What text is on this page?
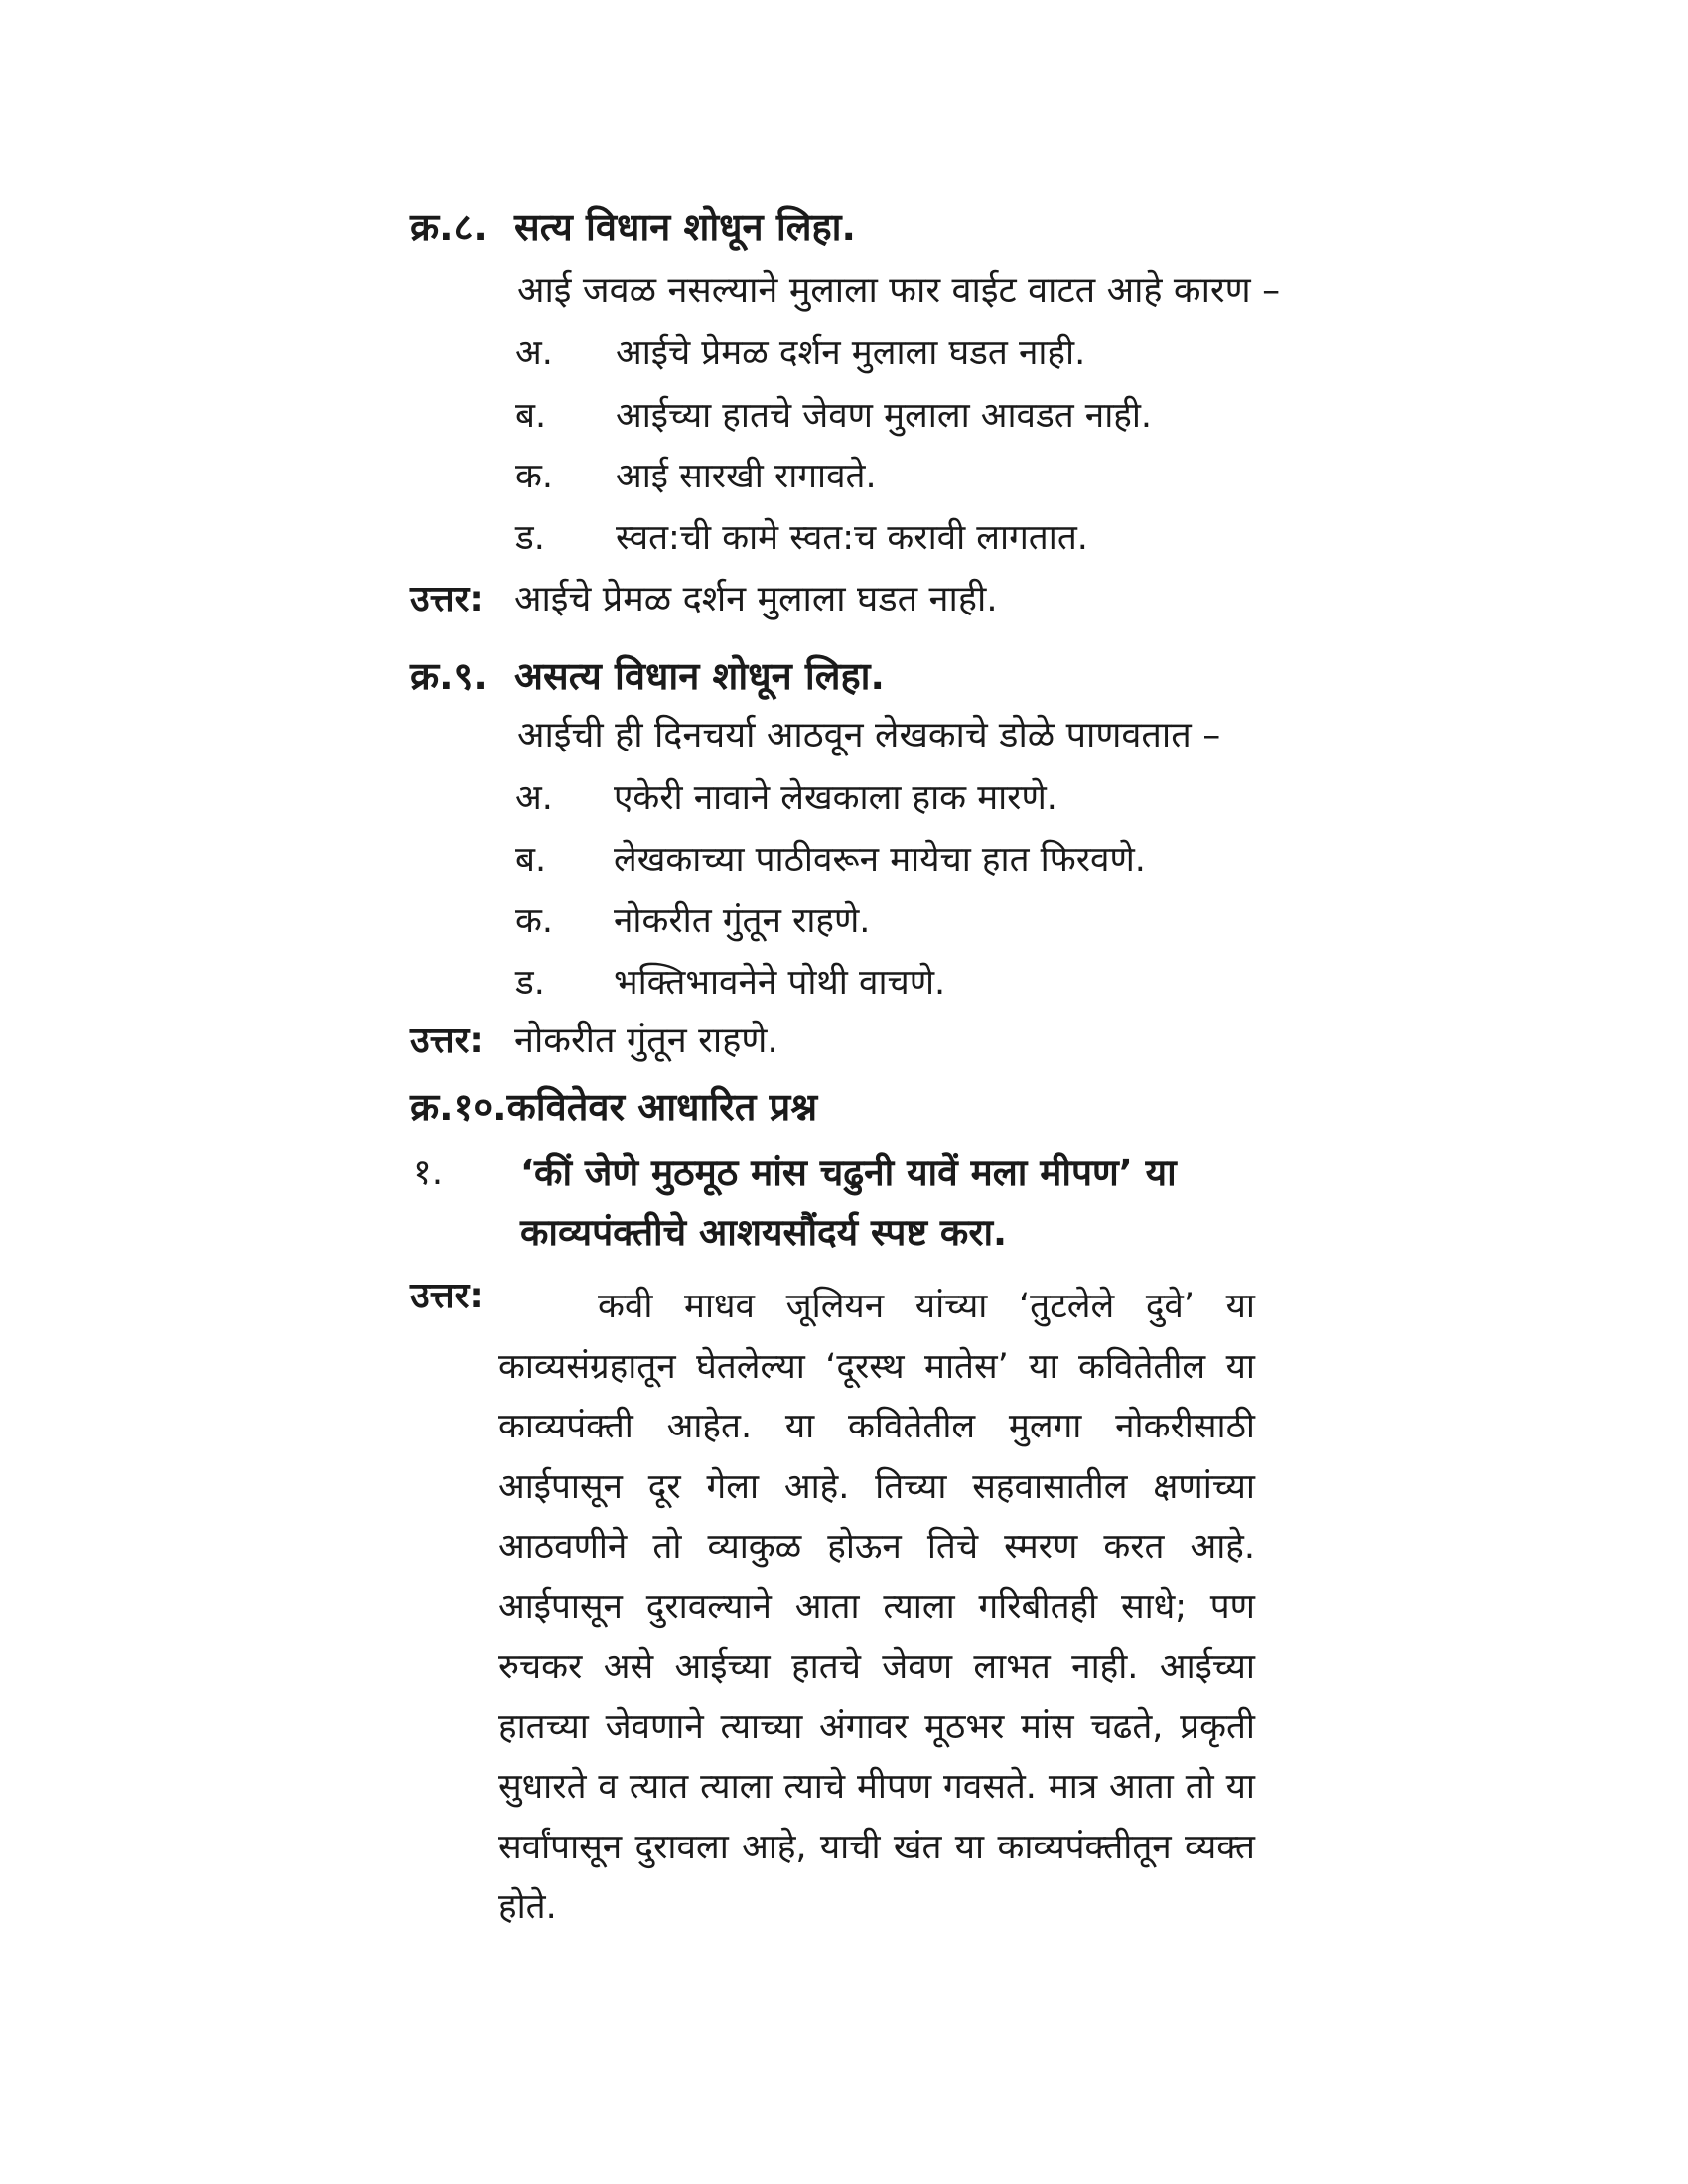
क्र.८. सत्य विधान शोधून लिहा.
आई जवळ नसल्याने मुलाला फार वाईट वाटत आहे कारण –
अ. आईचे प्रेमळ दर्शन मुलाला घडत नाही.
ब. आईच्या हातचे जेवण मुलाला आवडत नाही.
क. आई सारखी रागावते.
ड. स्वत:ची कामे स्वत:च करावी लागतात.
उत्तर: आईचे प्रेमळ दर्शन मुलाला घडत नाही.
क्र.९. असत्य विधान शोधून लिहा.
आईची ही दिनचर्या आठवून लेखकाचे डोळे पाणवतात –
अ. एकेरी नावाने लेखकाला हाक मारणे.
ब. लेखकाच्या पाठीवरून मायेचा हात फिरवणे.
क. नोकरीत गुंतून राहणे.
ड. भक्तिभावनेने पोथी वाचणे.
उत्तर: नोकरीत गुंतून राहणे.
क्र.१०.कवितेवर आधारित प्रश्न
१. ‘कीं जेणे मुठमूठ मांस चढुनी यावें मला मीपण’ या काव्यपंक्तीचे आशयसौंदर्य स्पष्ट करा.
उत्तर:	कवी माधव जूलियन यांच्या ‘तुटलेले दुवे’ या काव्यसंग्रहातून घेतलेल्या ‘दूरस्थ मातेस’ या कवितेतील या काव्यपंक्ती आहेत. या कवितेतील मुलगा नोकरीसाठी आईपासून दूर गेला आहे. तिच्या सहवासातील क्षणांच्या आठवणीने तो व्याकुळ होऊन तिचे स्मरण करत आहे. आईपासून दुरावल्याने आता त्याला गरिबीतही साधे; पण रुचकर असे आईच्या हातचे जेवण लाभत नाही. आईच्या हातच्या जेवणाने त्याच्या अंगावर मूठभर मांस चढते, प्रकृती सुधारते व त्यात त्याला त्याचे मीपण गवसते. मात्र आता तो या सर्वांपासून दुरावला आहे, याची खंत या काव्यपंक्तीतून व्यक्त होते.
